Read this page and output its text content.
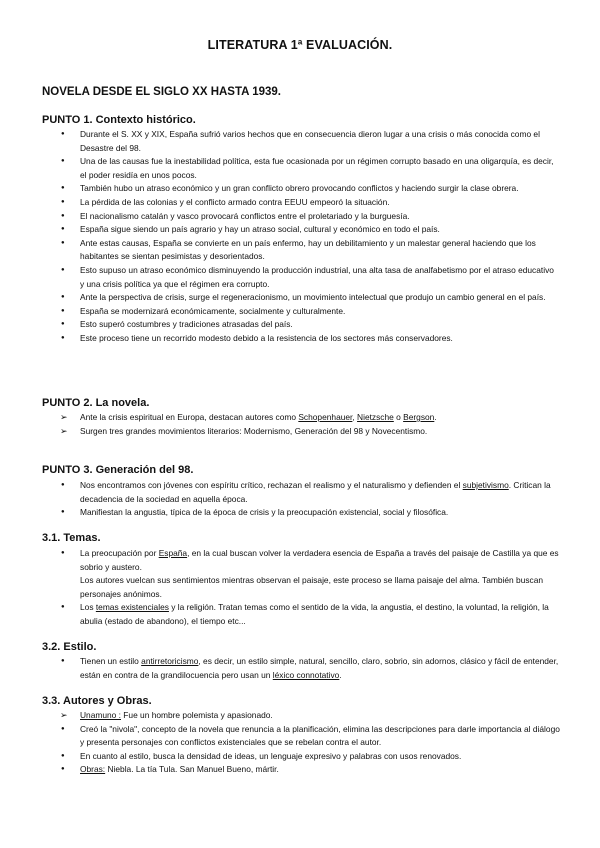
LITERATURA 1ª EVALUACIÓN.
NOVELA DESDE EL SIGLO XX HASTA 1939.
PUNTO 1. Contexto histórico.
● Durante el S. XX y XIX, España sufrió varios hechos que en consecuencia dieron lugar a una crisis o más conocida como el Desastre del 98.
● Una de las causas fue la inestabilidad política, esta fue ocasionada por un régimen corrupto basado en una oligarquía, es decir, el poder residía en unos pocos.
● También hubo un atraso económico y un gran conflicto obrero provocando conflictos y haciendo surgir la clase obrera.
● La pérdida de las colonias y el conflicto armado contra EEUU empeoró la situación.
● El nacionalismo catalán y vasco provocará conflictos entre el proletariado y la burguesía.
● España sigue siendo un país agrario y hay un atraso social, cultural y económico en todo el país.
● Ante estas causas, España se convierte en un país enfermo, hay un debilitamiento y un malestar general haciendo que los habitantes se sientan pesimistas y desorientados.
● Esto supuso un atraso económico disminuyendo la producción industrial, una alta tasa de analfabetismo por el atraso educativo y una crisis política ya que el régimen era corrupto.
● Ante la perspectiva de crisis, surge el regeneracionismo, un movimiento intelectual que produjo un cambio general en el país.
● España se modernizará económicamente, socialmente y culturalmente.
● Esto superó costumbres y tradiciones atrasadas del país.
● Este proceso tiene un recorrido modesto debido a la resistencia de los sectores más conservadores.
PUNTO 2. La novela.
➢ Ante la crisis espiritual en Europa, destacan autores como Schopenhauer, Nietzsche o Bergson.
➢ Surgen tres grandes movimientos literarios: Modernismo, Generación del 98 y Novecentismo.
PUNTO 3. Generación del 98.
● Nos encontramos con jóvenes con espíritu crítico, rechazan el realismo y el naturalismo y defienden el subjetivismo. Critican la decadencia de la sociedad en aquella época.
● Manifiestan la angustia, típica de la época de crisis y la preocupación existencial, social y filosófica.
3.1. Temas.
● La preocupación por España, en la cual buscan volver la verdadera esencia de España a través del paisaje de Castilla ya que es sobrio y austero.
Los autores vuelcan sus sentimientos mientras observan el paisaje, este proceso se llama paisaje del alma. También buscan personajes anónimos.
● Los temas existenciales y la religión. Tratan temas como el sentido de la vida, la angustia, el destino, la voluntad, la religión, la abulia (estado de abandono), el tiempo etc...
3.2. Estilo.
● Tienen un estilo antirretoricismo, es decir, un estilo simple, natural, sencillo, claro, sobrio, sin adornos, clásico y fácil de entender, están en contra de la grandilocuencia pero usan un léxico connotativo.
3.3. Autores y Obras.
➢ Unamuno : Fue un hombre polemista y apasionado.
● Creó la "nivola", concepto de la novela que renuncia a la planificación, elimina las descripciones para darle importancia al diálogo y presenta personajes con conflictos existenciales que se rebelan contra el autor.
● En cuanto al estilo, busca la densidad de ideas, un lenguaje expresivo y palabras con usos renovados.
● Obras: Niebla. La tía Tula. San Manuel Bueno, mártir.
